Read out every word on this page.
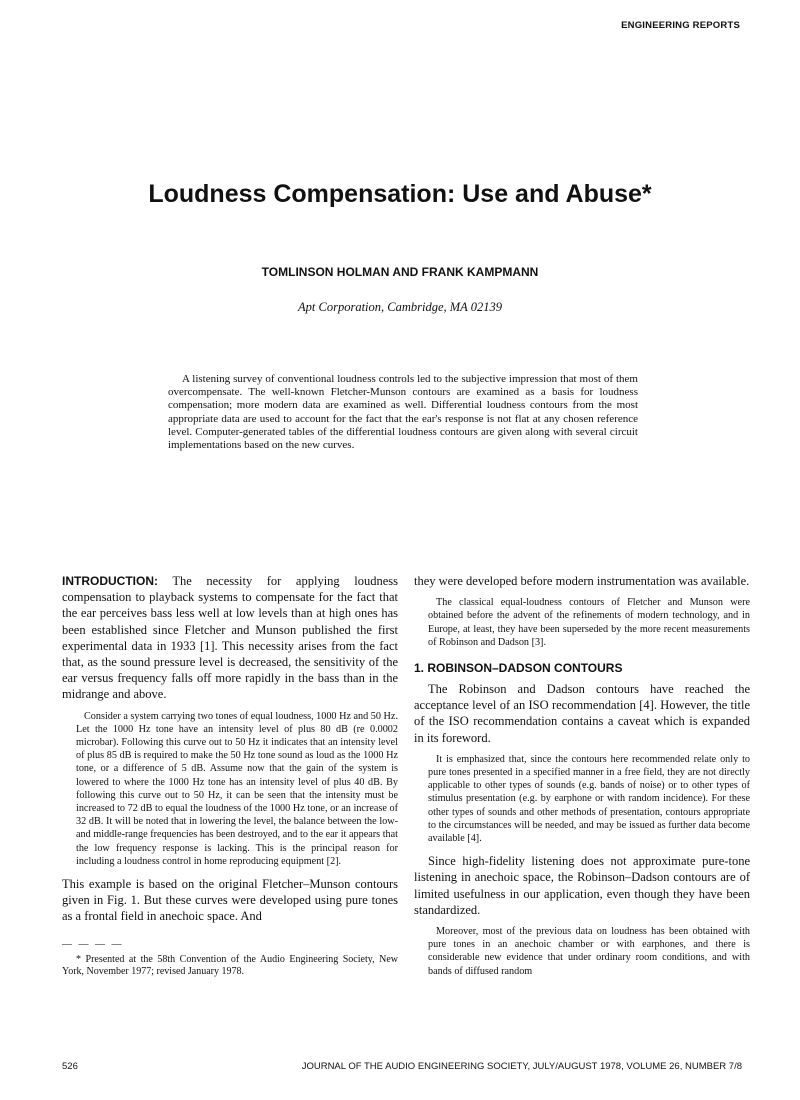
ENGINEERING REPORTS
Loudness Compensation: Use and Abuse*

TOMLINSON HOLMAN AND FRANK KAMPMANN

Apt Corporation, Cambridge, MA 02139

A listening survey of conventional loudness controls led to the subjective impression that most of them overcompensate. The well-known Fletcher-Munson contours are examined as a basis for loudness compensation; more modern data are examined as well. Differential loudness contours from the most appropriate data are used to account for the fact that the ear's response is not flat at any chosen reference level. Computer-generated tables of the differential loudness contours are given along with several circuit implementations based on the new curves.

INTRODUCTION: The necessity for applying loudness compensation to playback systems to compensate for the fact that the ear perceives bass less well at low levels than at high ones has been established since Fletcher and Munson published the first experimental data in 1933 [1]. This necessity arises from the fact that, as the sound pressure level is decreased, the sensitivity of the ear versus frequency falls off more rapidly in the bass than in the midrange and above.

Consider a system carrying two tones of equal loudness, 1000 Hz and 50 Hz. Let the 1000 Hz tone have an intensity level of plus 80 dB (re 0.0002 microbar). Following this curve out to 50 Hz it indicates that an intensity level of plus 85 dB is required to make the 50 Hz tone sound as loud as the 1000 Hz tone, or a difference of 5 dB. Assume now that the gain of the system is lowered to where the 1000 Hz tone has an intensity level of plus 40 dB. By following this curve out to 50 Hz, it can be seen that the intensity must be increased to 72 dB to equal the loudness of the 1000 Hz tone, or an increase of 32 dB. It will be noted that in lowering the level, the balance between the low- and middle-range frequencies has been destroyed, and to the ear it appears that the low frequency response is lacking. This is the principal reason for including a loudness control in home reproducing equipment [2].

This example is based on the original Fletcher–Munson contours given in Fig. 1. But these curves were developed using pure tones as a frontal field in anechoic space. And

— — — —

* Presented at the 58th Convention of the Audio Engineering Society, New York, November 1977; revised January 1978.

they were developed before modern instrumentation was available.

The classical equal-loudness contours of Fletcher and Munson were obtained before the advent of the refinements of modern technology, and in Europe, at least, they have been superseded by the more recent measurements of Robinson and Dadson [3].

1. ROBINSON–DADSON CONTOURS

The Robinson and Dadson contours have reached the acceptance level of an ISO recommendation [4]. However, the title of the ISO recommendation contains a caveat which is expanded in its foreword.

It is emphasized that, since the contours here recommended relate only to pure tones presented in a specified manner in a free field, they are not directly applicable to other types of sounds (e.g. bands of noise) or to other types of stimulus presentation (e.g. by earphone or with random incidence). For these other types of sounds and other methods of presentation, contours appropriate to the circumstances will be needed, and may be issued as further data become available [4].

Since high-fidelity listening does not approximate pure-tone listening in anechoic space, the Robinson–Dadson contours are of limited usefulness in our application, even though they have been standardized.

Moreover, most of the previous data on loudness has been obtained with pure tones in an anechoic chamber or with earphones, and there is considerable new evidence that under ordinary room conditions, and with bands of diffused random

526	JOURNAL OF THE AUDIO ENGINEERING SOCIETY, JULY/AUGUST 1978, VOLUME 26, NUMBER 7/8
